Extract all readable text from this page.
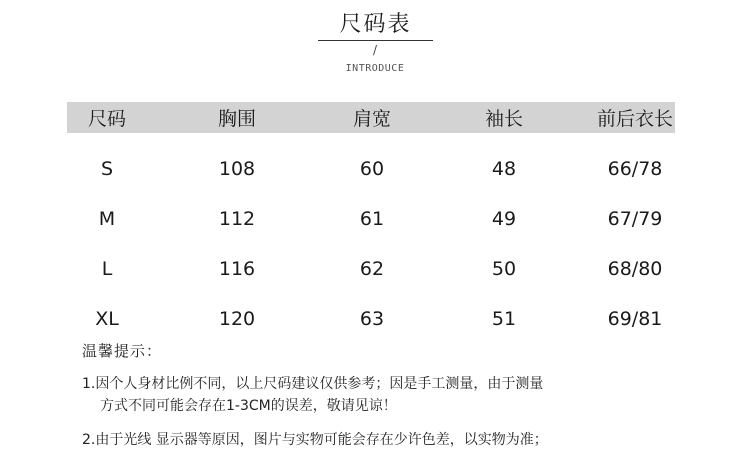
尺码表
/
INTRODUCE
尺码	胸围	肩宽	袖长	前后衣长
S	108	60	48	66/78
M	112	61	49	67/79
L	116	62	50	68/80
XL	120	63	51	69/81
温馨提示：
1.因个人身材比例不同，以上尺码建议仅供参考；因是手工测量，由于测量
方式不同可能会存在1-3CM的误差，敬请见谅！
2.由于光线 显示器等原因，图片与实物可能会存在少许色差，以实物为准；
